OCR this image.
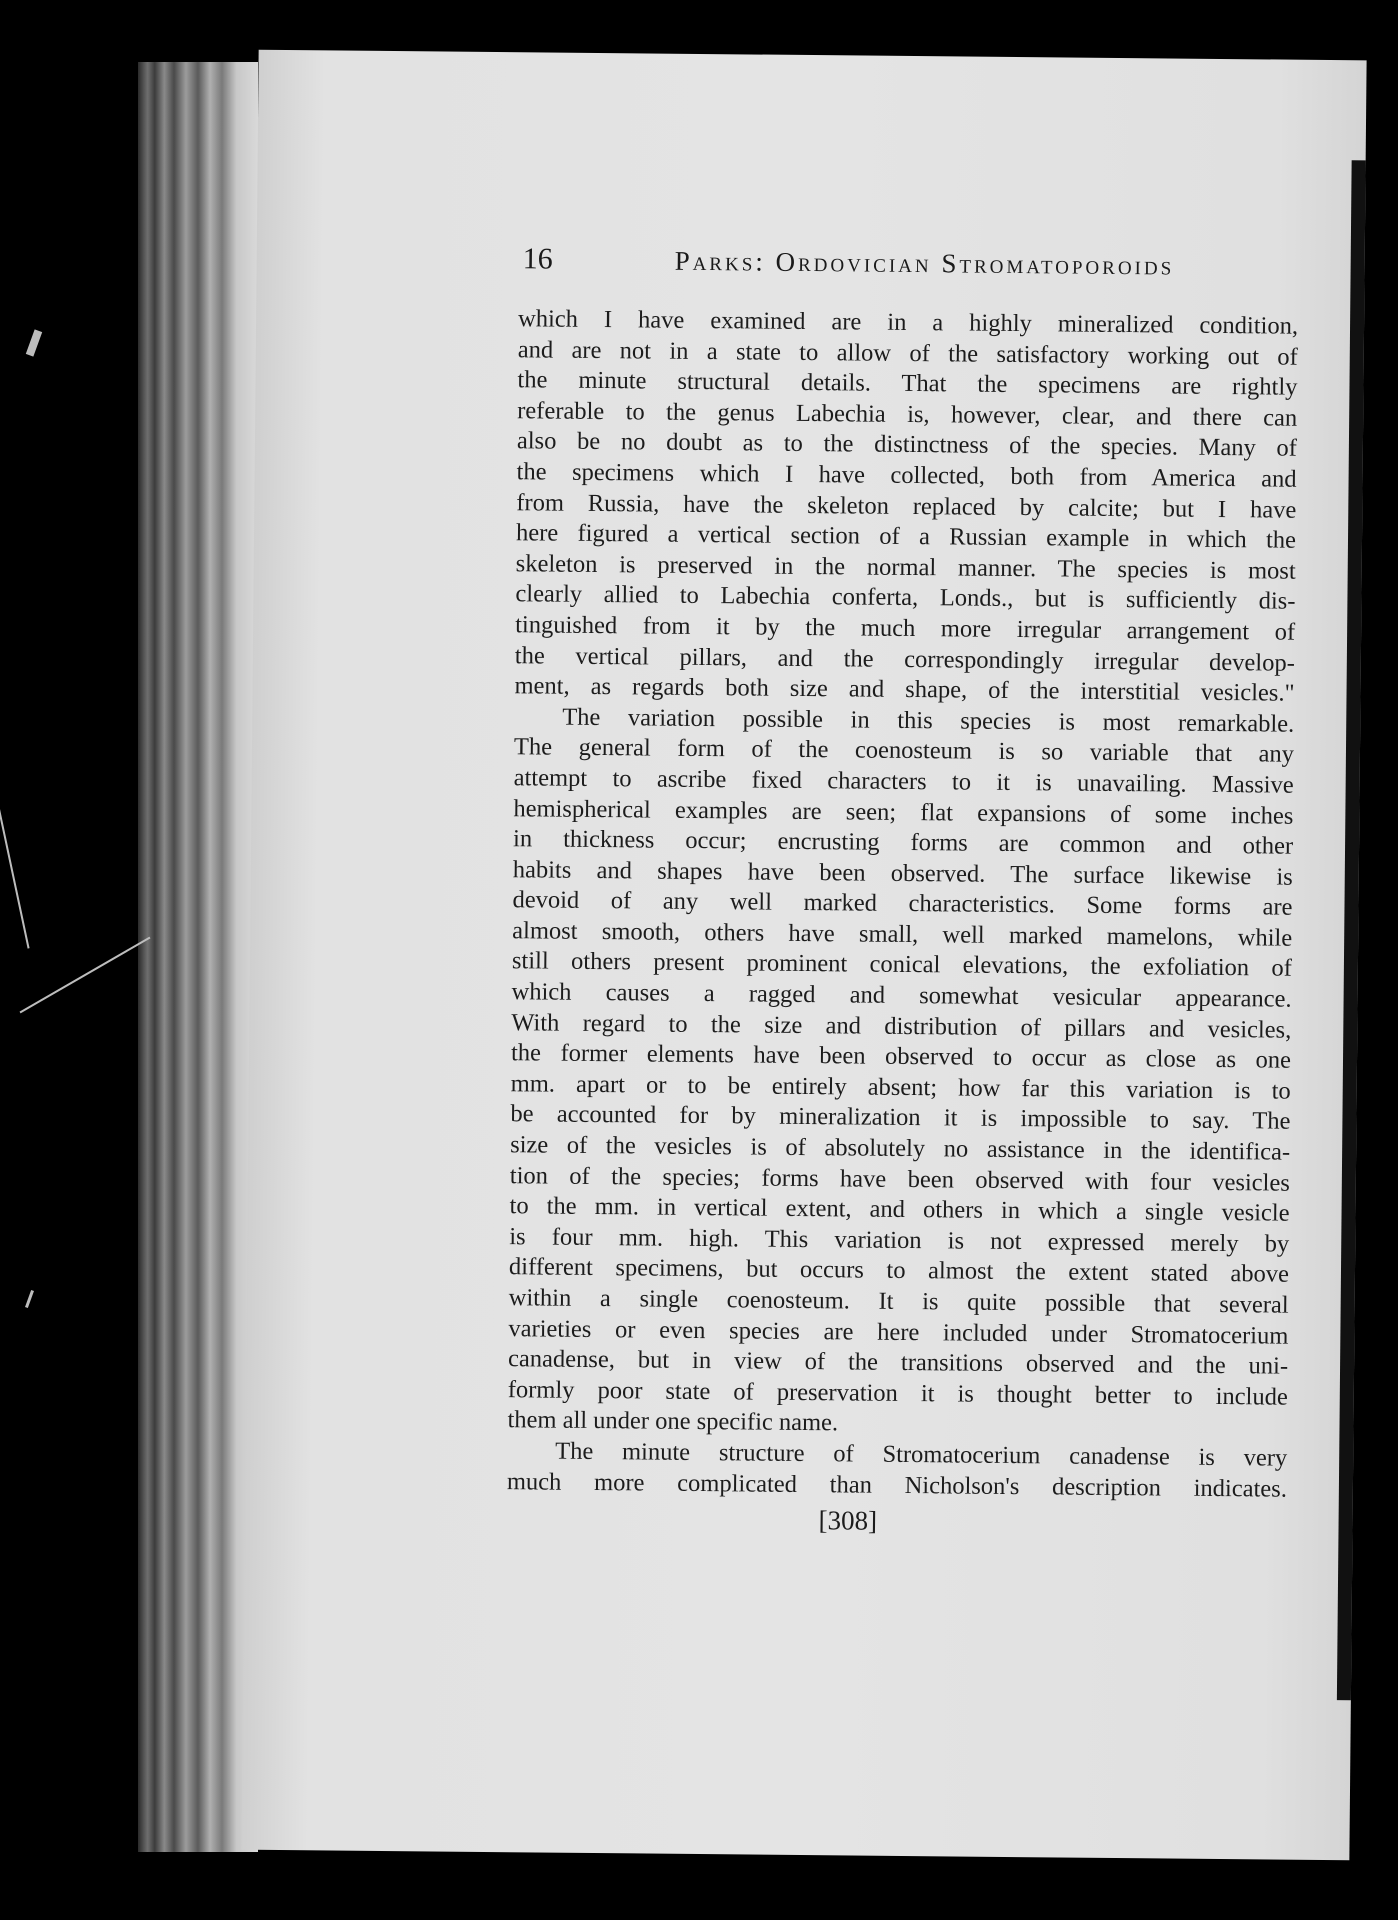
16	Parks: Ordovician Stromatoporoids

which I have examined are in a highly mineralized condition,
and are not in a state to allow of the satisfactory working out of
the minute structural details. That the specimens are rightly
referable to the genus Labechia is, however, clear, and there can
also be no doubt as to the distinctness of the species. Many of
the specimens which I have collected, both from America and
from Russia, have the skeleton replaced by calcite; but I have
here figured a vertical section of a Russian example in which the
skeleton is preserved in the normal manner. The species is most
clearly allied to Labechia conferta, Londs., but is sufficiently dis-
tinguished from it by the much more irregular arrangement of
the vertical pillars, and the correspondingly irregular develop-
ment, as regards both size and shape, of the interstitial vesicles."

The variation possible in this species is most remarkable.
The general form of the coenosteum is so variable that any
attempt to ascribe fixed characters to it is unavailing. Massive
hemispherical examples are seen; flat expansions of some inches
in thickness occur; encrusting forms are common and other
habits and shapes have been observed. The surface likewise is
devoid of any well marked characteristics. Some forms are
almost smooth, others have small, well marked mamelons, while
still others present prominent conical elevations, the exfoliation of
which causes a ragged and somewhat vesicular appearance.
With regard to the size and distribution of pillars and vesicles,
the former elements have been observed to occur as close as one
mm. apart or to be entirely absent; how far this variation is to
be accounted for by mineralization it is impossible to say. The
size of the vesicles is of absolutely no assistance in the identifica-
tion of the species; forms have been observed with four vesicles
to the mm. in vertical extent, and others in which a single vesicle
is four mm. high. This variation is not expressed merely by
different specimens, but occurs to almost the extent stated above
within a single coenosteum. It is quite possible that several
varieties or even species are here included under Stromatocerium
canadense, but in view of the transitions observed and the uni-
formly poor state of preservation it is thought better to include
them all under one specific name.

The minute structure of Stromatocerium canadense is very
much more complicated than Nicholson's description indicates.

[308]
